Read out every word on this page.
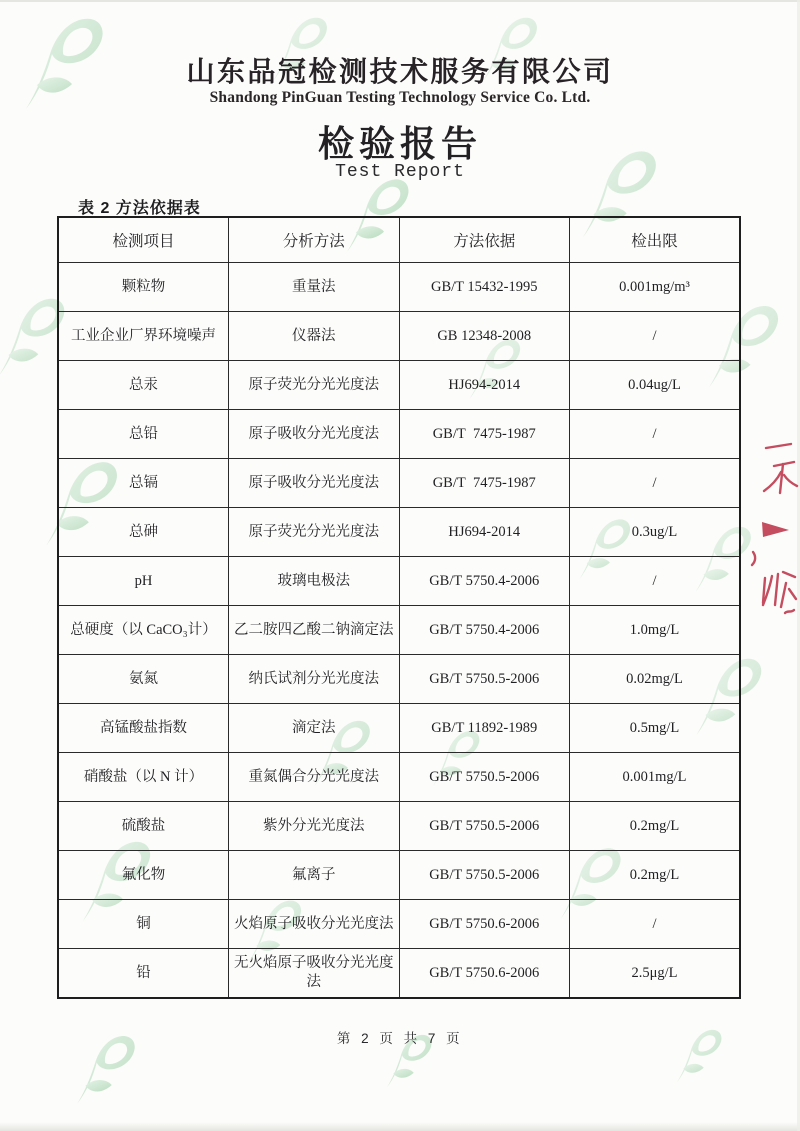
山东品冠检测技术服务有限公司
Shandong PinGuan Testing Technology Service Co. Ltd.
检验报告
Test Report
表 2 方法依据表
检测项目	分析方法	方法依据	检出限
颗粒物	重量法	GB/T 15432-1995	0.001mg/m³
工业企业厂界环境噪声	仪器法	GB 12348-2008	/
总汞	原子荧光分光光度法	HJ694-2014	0.04ug/L
总铅	原子吸收分光光度法	GB/T  7475-1987	/
总镉	原子吸收分光光度法	GB/T  7475-1987	/
总砷	原子荧光分光光度法	HJ694-2014	0.3ug/L
pH	玻璃电极法	GB/T 5750.4-2006	/
总硬度（以 CaCO₃计）	乙二胺四乙酸二钠滴定法	GB/T 5750.4-2006	1.0mg/L
氨氮	纳氏试剂分光光度法	GB/T 5750.5-2006	0.02mg/L
高锰酸盐指数	滴定法	GB/T 11892-1989	0.5mg/L
硝酸盐（以 N 计）	重氮偶合分光光度法	GB/T 5750.5-2006	0.001mg/L
硫酸盐	紫外分光光度法	GB/T 5750.5-2006	0.2mg/L
氟化物	氟离子	GB/T 5750.5-2006	0.2mg/L
铜	火焰原子吸收分光光度法	GB/T 5750.6-2006	/
铅	无火焰原子吸收分光光度法	GB/T 5750.6-2006	2.5μg/L
第 2 页 共 7 页
